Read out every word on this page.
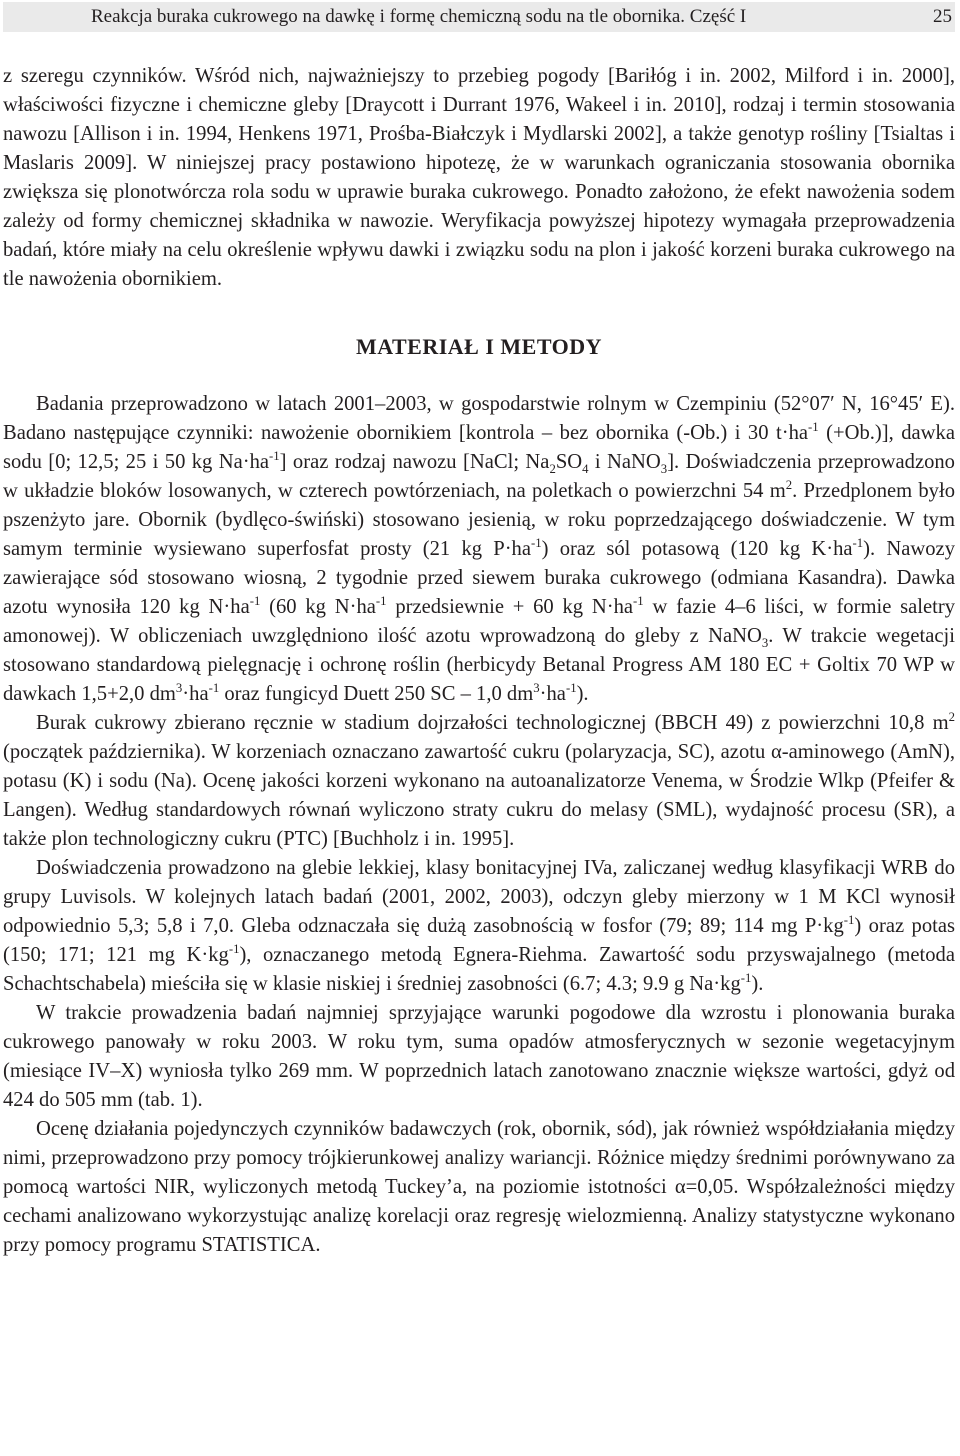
Reakcja buraka cukrowego na dawkę i formę chemiczną sodu na tle obornika. Część I	25

z szeregu czynników. Wśród nich, najważniejszy to przebieg pogody [Bariłóg i in. 2002, Milford i in. 2000], właściwości fizyczne i chemiczne gleby [Draycott i Durrant 1976, Wakeel i in. 2010], rodzaj i termin stosowania nawozu [Allison i in. 1994, Henkens 1971, Prośba-Białczyk i Mydlarski 2002], a także genotyp rośliny [Tsialtas i Maslaris 2009]. W niniejszej pracy postawiono hipotezę, że w warunkach ograniczania stosowania obornika zwiększa się plonotwórcza rola sodu w uprawie buraka cukrowego. Ponadto założono, że efekt nawożenia sodem zależy od formy chemicznej składnika w nawozie. Weryfikacja powyższej hipotezy wymagała przeprowadzenia badań, które miały na celu określenie wpływu dawki i związku sodu na plon i jakość korzeni buraka cukrowego na tle nawożenia obornikiem.

MATERIAŁ I METODY

Badania przeprowadzono w latach 2001–2003, w gospodarstwie rolnym w Czempiniu (52°07′ N, 16°45′ E). Badano następujące czynniki: nawożenie obornikiem [kontrola – bez obornika (-Ob.) i 30 $t\cdot ha^{-1}$ (+Ob.)], dawka sodu [0; 12,5; 25 i 50 kg $Na\cdot ha^{-1}$] oraz rodzaj nawozu [NaCl; $Na_2SO_4$ i NaNO$_3$]. Doświadczenia przeprowadzono w układzie bloków losowanych, w czterech powtórzeniach, na poletkach o powierzchni 54 $m^2$. Przedplonem było pszenżyto jare. Obornik (bydlęco-świński) stosowano jesienią, w roku poprzedzającego doświadczenie. W tym samym terminie wysiewano superfosfat prosty (21 kg $P\cdot ha^{-1}$) oraz sól potasową (120 kg $K\cdot ha^{-1}$). Nawozy zawierające sód stosowano wiosną, 2 tygodnie przed siewem buraka cukrowego (odmiana Kasandra). Dawka azotu wynosiła 120 kg $N\cdot ha^{-1}$ (60 kg $N\cdot ha^{-1}$ przedsiewnie + 60 kg $N\cdot ha^{-1}$ w fazie 4–6 liści, w formie saletry amonowej). W obliczeniach uwzględniono ilość azotu wprowadzoną do gleby z NaNO$_3$. W trakcie wegetacji stosowano standardową pielęgnację i ochronę roślin (herbicydy Betanal Progress AM 180 EC + Goltix 70 WP w dawkach 1,5+2,0 $dm^3\cdot ha^{-1}$ oraz fungicyd Duett 250 SC – 1,0 $dm^3\cdot ha^{-1}$).

Burak cukrowy zbierano ręcznie w stadium dojrzałości technologicznej (BBCH 49) z powierzchni 10,8 $m^2$ (początek października). W korzeniach oznaczano zawartość cukru (polaryzacja, SC), azotu α-aminowego (AmN), potasu (K) i sodu (Na). Ocenę jakości korzeni wykonano na autoanalizatorze Venema, w Środzie Wlkp (Pfeifer & Langen). Według standardowych równań wyliczono straty cukru do melasy (SML), wydajność procesu (SR), a także plon technologiczny cukru (PTC) [Buchholz i in. 1995].

Doświadczenia prowadzono na glebie lekkiej, klasy bonitacyjnej IVa, zaliczanej według klasyfikacji WRB do grupy Luvisols. W kolejnych latach badań (2001, 2002, 2003), odczyn gleby mierzony w 1 M KCl wynosił odpowiednio 5,3; 5,8 i 7,0. Gleba odznaczała się dużą zasobnością w fosfor (79; 89; 114 mg $P\cdot kg^{-1}$) oraz potas (150; 171; 121 mg $K\cdot kg^{-1}$), oznaczanego metodą Egnera-Riehma. Zawartość sodu przyswajalnego (metoda Schachtschabela) mieściła się w klasie niskiej i średniej zasobności (6.7; 4.3; 9.9 g $Na\cdot kg^{-1}$).

W trakcie prowadzenia badań najmniej sprzyjające warunki pogodowe dla wzrostu i plonowania buraka cukrowego panowały w roku 2003. W roku tym, suma opadów atmosferycznych w sezonie wegetacyjnym (miesiące IV–X) wyniosła tylko 269 mm. W poprzednich latach zanotowano znacznie większe wartości, gdyż od 424 do 505 mm (tab. 1).

Ocenę działania pojedynczych czynników badawczych (rok, obornik, sód), jak również współdziałania między nimi, przeprowadzono przy pomocy trójkierunkowej analizy wariancji. Różnice między średnimi porównywano za pomocą wartości NIR, wyliczonych metodą Tuckey’a, na poziomie istotności α=0,05. Współzależności między cechami analizowano wykorzystując analizę korelacji oraz regresję wielozmienną. Analizy statystyczne wykonano przy pomocy programu STATISTICA.
